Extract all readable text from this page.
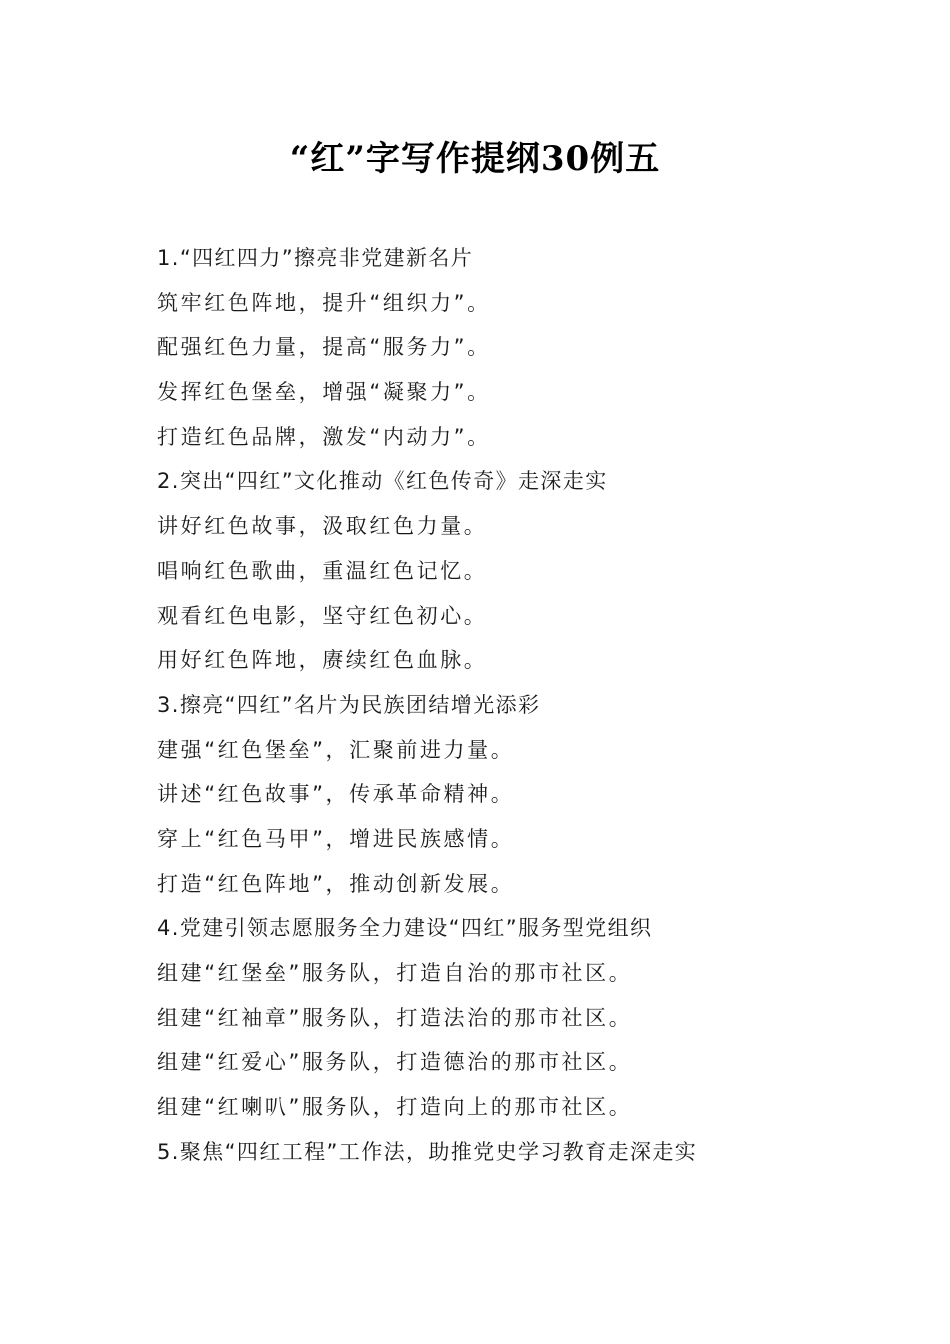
“红”字写作提纲30例五
1.“四红四力”擦亮非党建新名片
筑牢红色阵地，提升“组织力”。
配强红色力量，提高“服务力”。
发挥红色堡垒，增强“凝聚力”。
打造红色品牌，激发“内动力”。
2.突出“四红”文化推动《红色传奇》走深走实
讲好红色故事，汲取红色力量。
唱响红色歌曲，重温红色记忆。
观看红色电影，坚守红色初心。
用好红色阵地，赓续红色血脉。
3.擦亮“四红”名片为民族团结增光添彩
建强“红色堡垒”，汇聚前进力量。
讲述“红色故事”，传承革命精神。
穿上“红色马甲”，增进民族感情。
打造“红色阵地”，推动创新发展。
4.党建引领志愿服务全力建设“四红”服务型党组织
组建“红堡垒”服务队，打造自治的那市社区。
组建“红袖章”服务队，打造法治的那市社区。
组建“红爱心”服务队，打造德治的那市社区。
组建“红喇叭”服务队，打造向上的那市社区。
5.聚焦“四红工程”工作法，助推党史学习教育走深走实
